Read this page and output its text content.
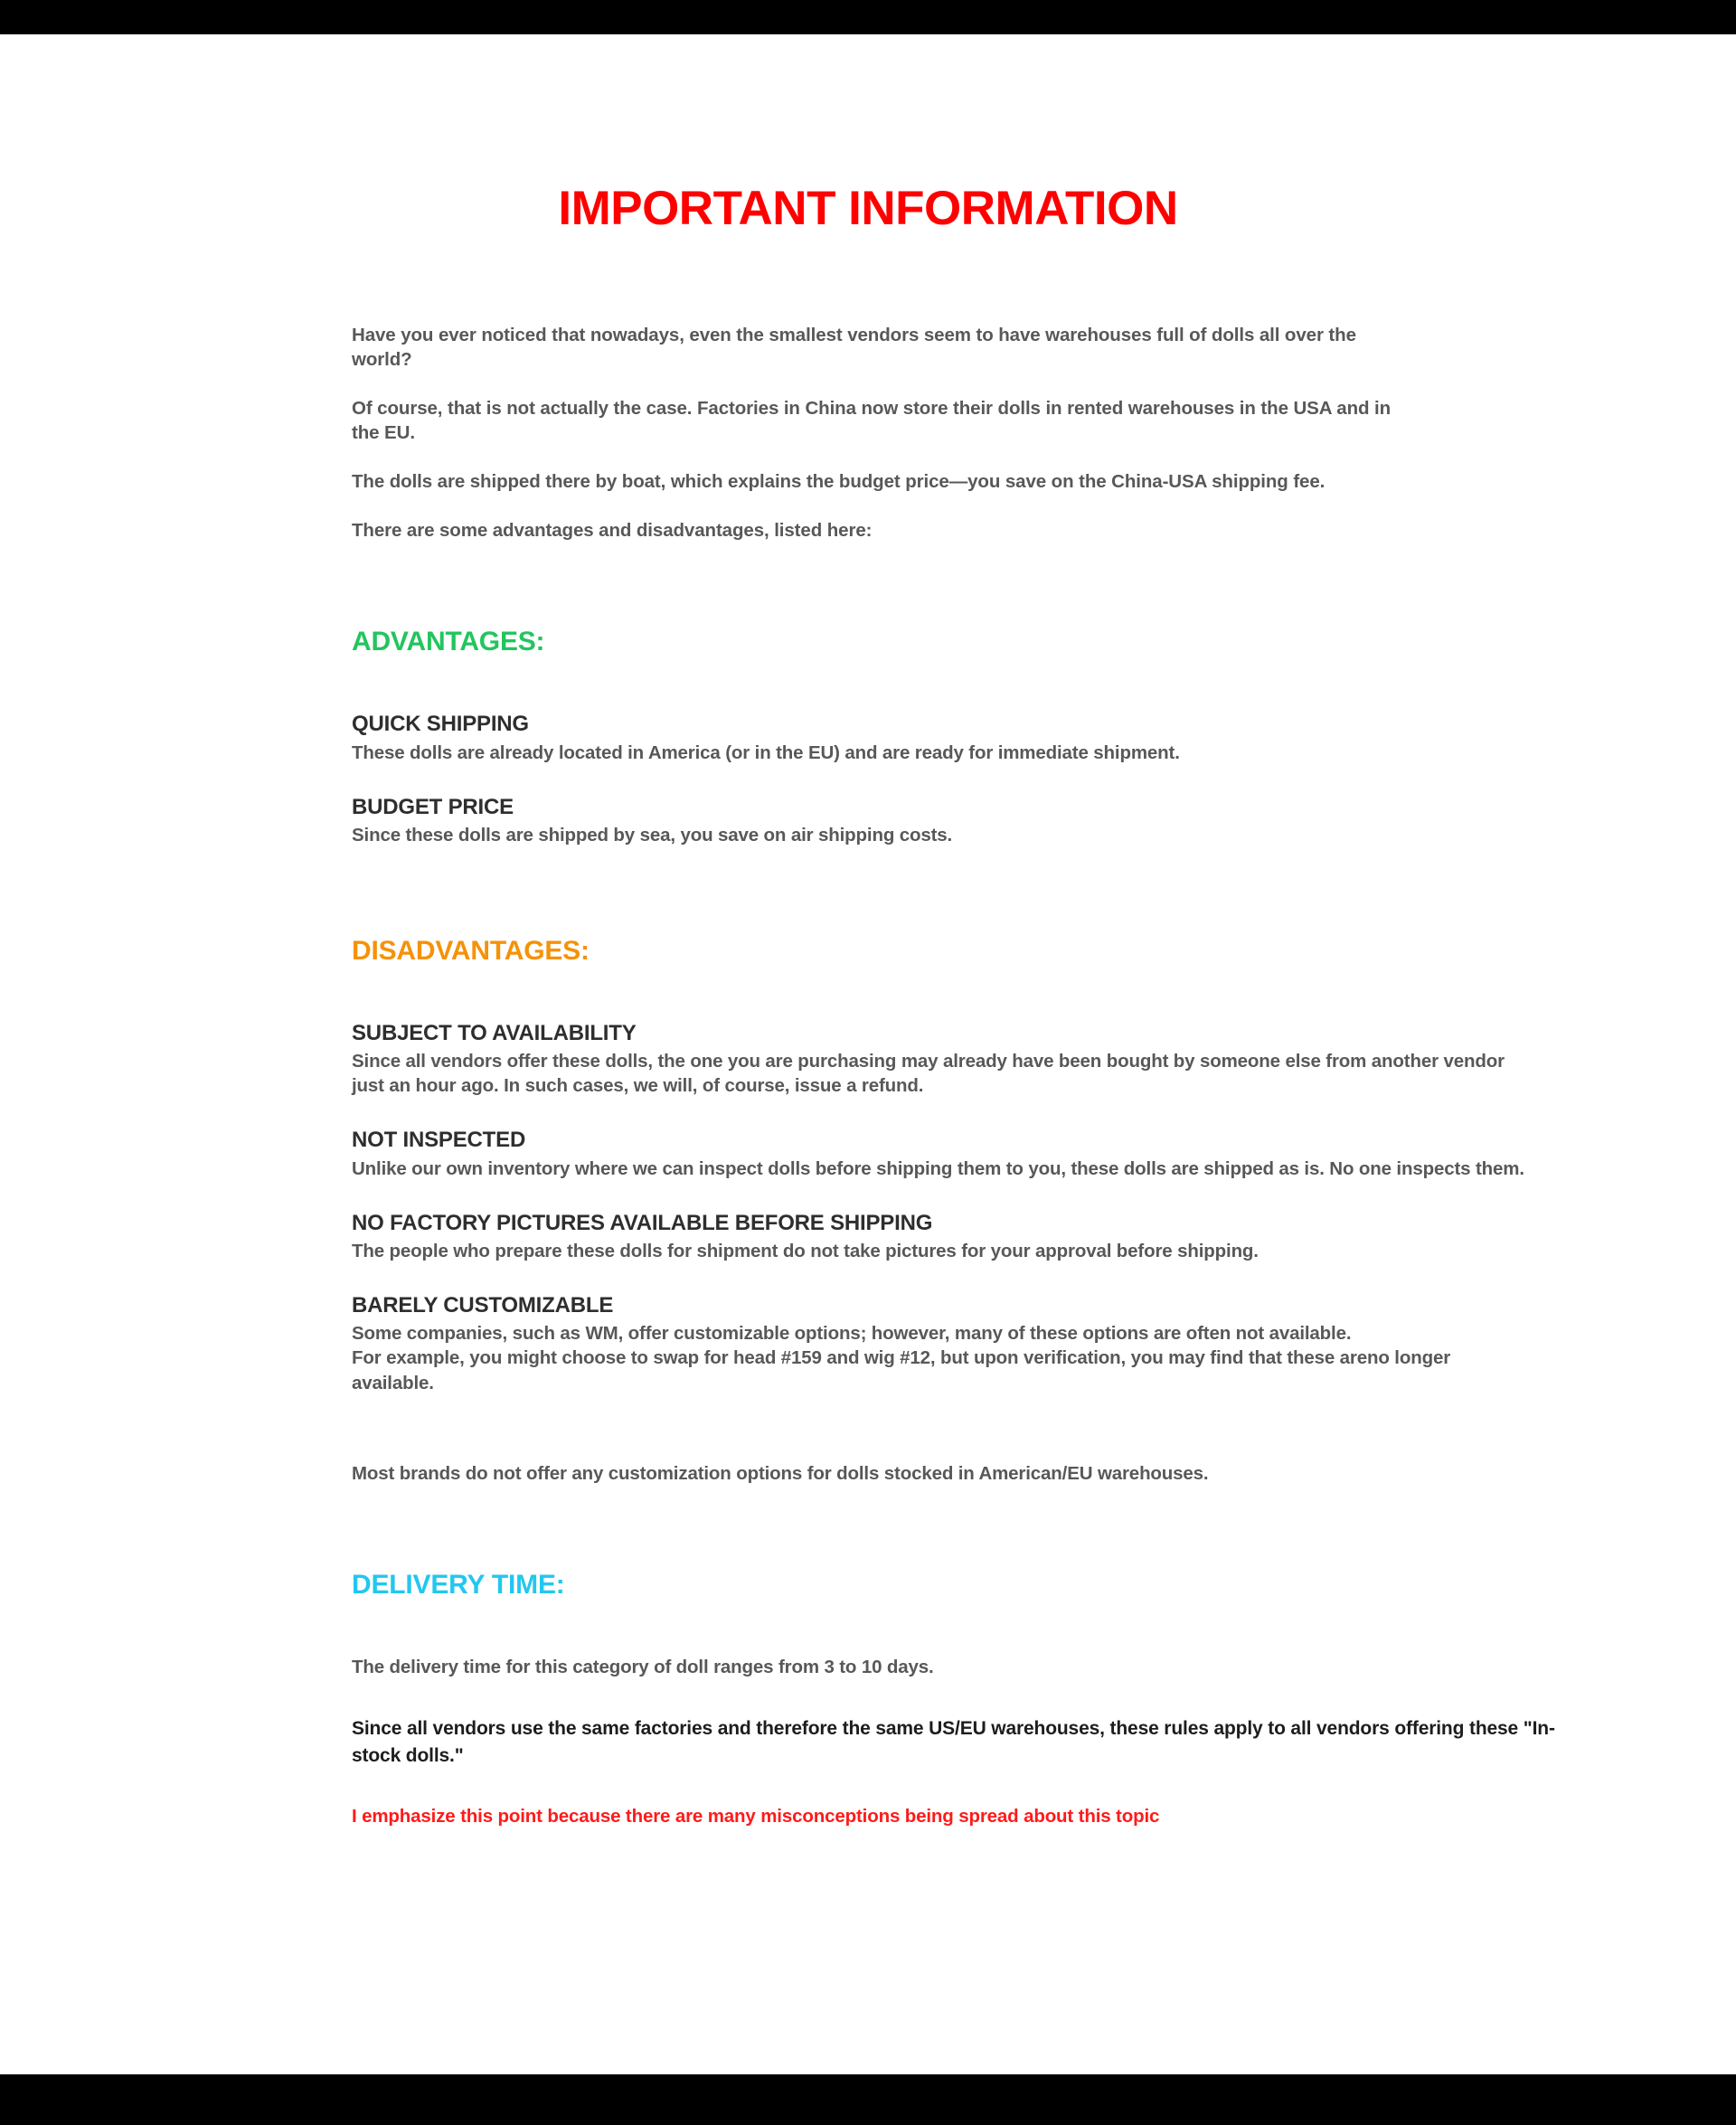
IMPORTANT INFORMATION

Have you ever noticed that nowadays, even the smallest vendors seem to have warehouses full of dolls all over the world?

Of course, that is not actually the case. Factories in China now store their dolls in rented warehouses in the USA and in the EU.

The dolls are shipped there by boat, which explains the budget price—you save on the China-USA shipping fee.

There are some advantages and disadvantages, listed here:

ADVANTAGES:
QUICK SHIPPING

These dolls are already located in America (or in the EU) and are ready for immediate shipment.

BUDGET PRICE

Since these dolls are shipped by sea, you save on air shipping costs.

DISADVANTAGES:
SUBJECT TO AVAILABILITY

Since all vendors offer these dolls, the one you are purchasing may already have been bought by someone else from another vendor just an hour ago. In such cases, we will, of course, issue a refund.

NOT INSPECTED

Unlike our own inventory where we can inspect dolls before shipping them to you, these dolls are shipped as is. No one inspects them.

NO FACTORY PICTURES AVAILABLE BEFORE SHIPPING

The people who prepare these dolls for shipment do not take pictures for your approval before shipping.

BARELY CUSTOMIZABLE

Some companies, such as WM, offer customizable options; however, many of these options are often not available.

For example, you might choose to swap for head #159 and wig #12, but upon verification, you may find that these areno longer available.

Most brands do not offer any customization options for dolls stocked in American/EU warehouses.
DELIVERY TIME:

The delivery time for this category of doll ranges from 3 to 10 days.

Since all vendors use the same factories and therefore the same US/EU warehouses, these rules apply to all vendors offering these "In-stock dolls."

I emphasize this point because there are many misconceptions being spread about this topic
